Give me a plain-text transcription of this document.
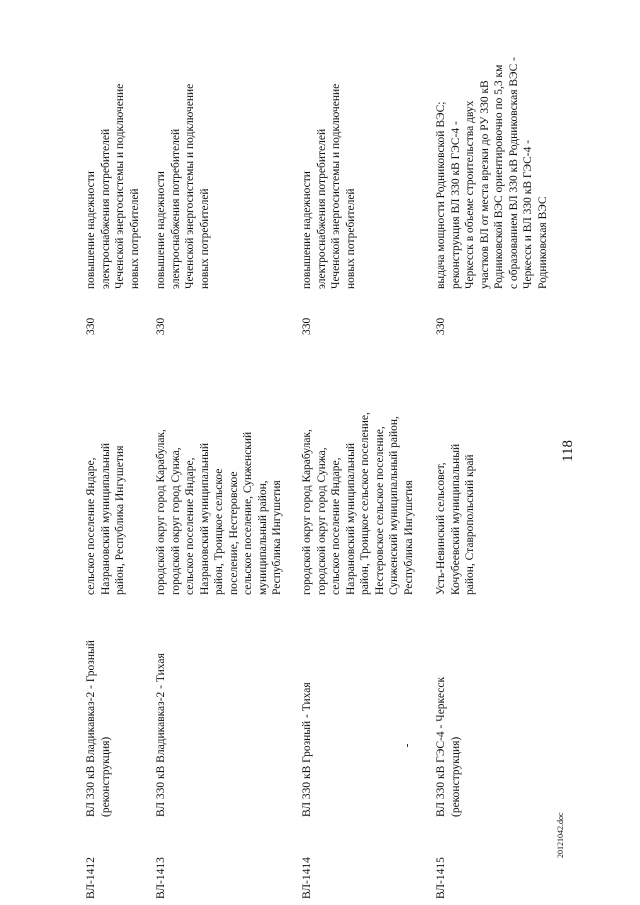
118
20121042.doc
ВЛ-1412
ВЛ 330 кВ Владикавказ-2 - Грозный (реконструкция)
сельское поселение Яндаре, Назрановский муниципальный район, Республика Ингушетия
330
повышение надежности электроснабжения потребителей Чеченской энергосистемы и подключение новых потребителей
ВЛ-1413
ВЛ 330 кВ Владикавказ-2 - Тихая
городской округ город Карабулак, городской округ город Сунжа, сельское поселение Яндаре, Назрановский муниципальный район, Троицкое сельское поселение, Нестеровское сельское поселение, Сунженский муниципальный район, Республика Ингушетия
330
повышение надежности электроснабжения потребителей Чеченской энергосистемы и подключение новых потребителей
ВЛ-1414
ВЛ 330 кВ Грозный - Тихая
городской округ город Карабулак, городской округ город Сунжа, сельское поселение Яндаре, Назрановский муниципальный район, Троицкое сельское поселение, Нестеровское сельское поселение, Сунженский муниципальный район, Республика Ингушетия
330
повышение надежности электроснабжения потребителей Чеченской энергосистемы и подключение новых потребителей
ВЛ-1415
ВЛ 330 кВ ГЭС-4 - Черкесск (реконструкция)
Усть-Невинский сельсовет, Кочубеевский муниципальный район, Ставропольский край
330
выдача мощности Родниковской ВЭС; реконструкция ВЛ 330 кВ ГЭС-4 - Черкесск в объеме строительства двух участков ВЛ от места врезки до РУ 330 кВ Родниковской ВЭС ориентировочно по 5,3 км с образованием ВЛ 330 кВ Родниковская ВЭС - Черкесск и ВЛ 330 кВ ГЭС-4 - Родниковская ВЭС
